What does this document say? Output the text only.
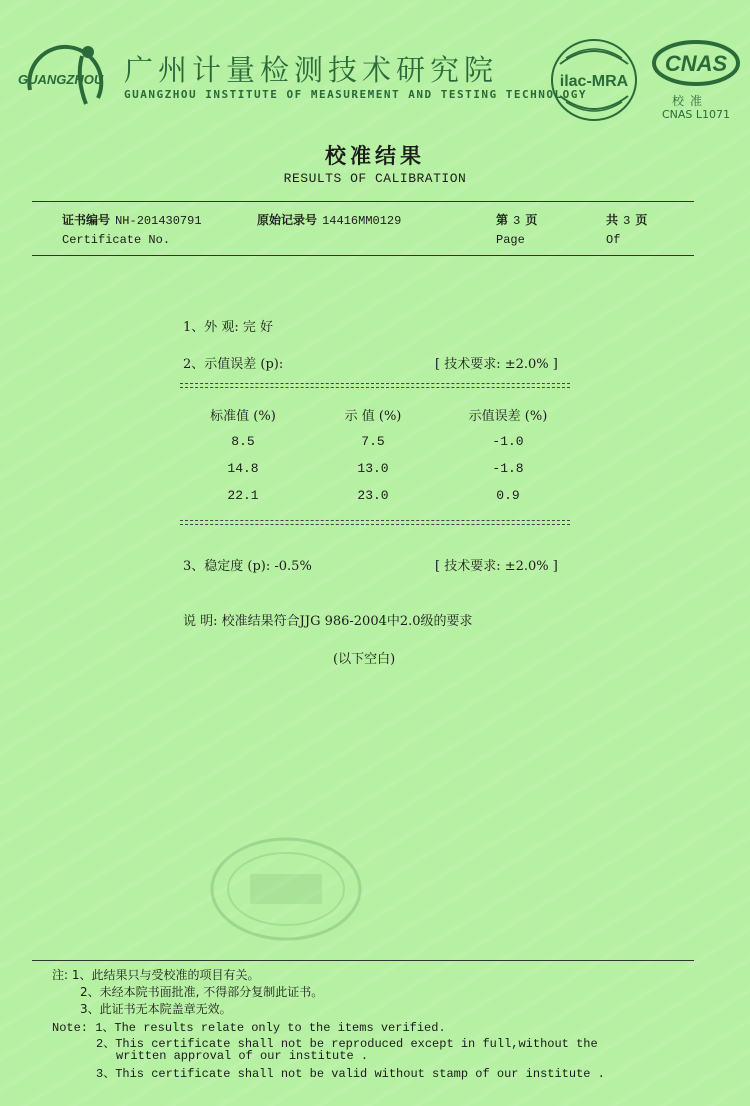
GUANGZHOU 广州计量检测技术研究院
GUANGZHOU INSTITUTE OF MEASUREMENT AND TESTING TECHNOLOGY
ilac-MRA
CNAS
校准
CNAS L1071
校准结果
RESULTS OF CALIBRATION
证书编号 NH-201430791
Certificate No.
原始记录号 14416MM0129	第 3 页
Page
共 3 页
Of
1、外 观: 完 好
2、示值误差 (p):	[ 技术要求: ±2.0% ]
标准值 (%)	示 值 (%)	示值误差 (%)
8.5	7.5	-1.0
14.8	13.0	-1.8
22.1	23.0	0.9
3、稳定度 (p): -0.5%	[ 技术要求: ±2.0% ]
说 明: 校准结果符合JJG 986-2004中2.0级的要求
(以下空白)
注: 1、此结果只与受校准的项目有关。
2、未经本院书面批准, 不得部分复制此证书。
3、此证书无本院盖章无效。
Note: 1、The results relate only to the items verified.
2、This certificate shall not be reproduced except in full,without the
written approval of our institute .
3、This certificate shall not be valid without stamp of our institute .
